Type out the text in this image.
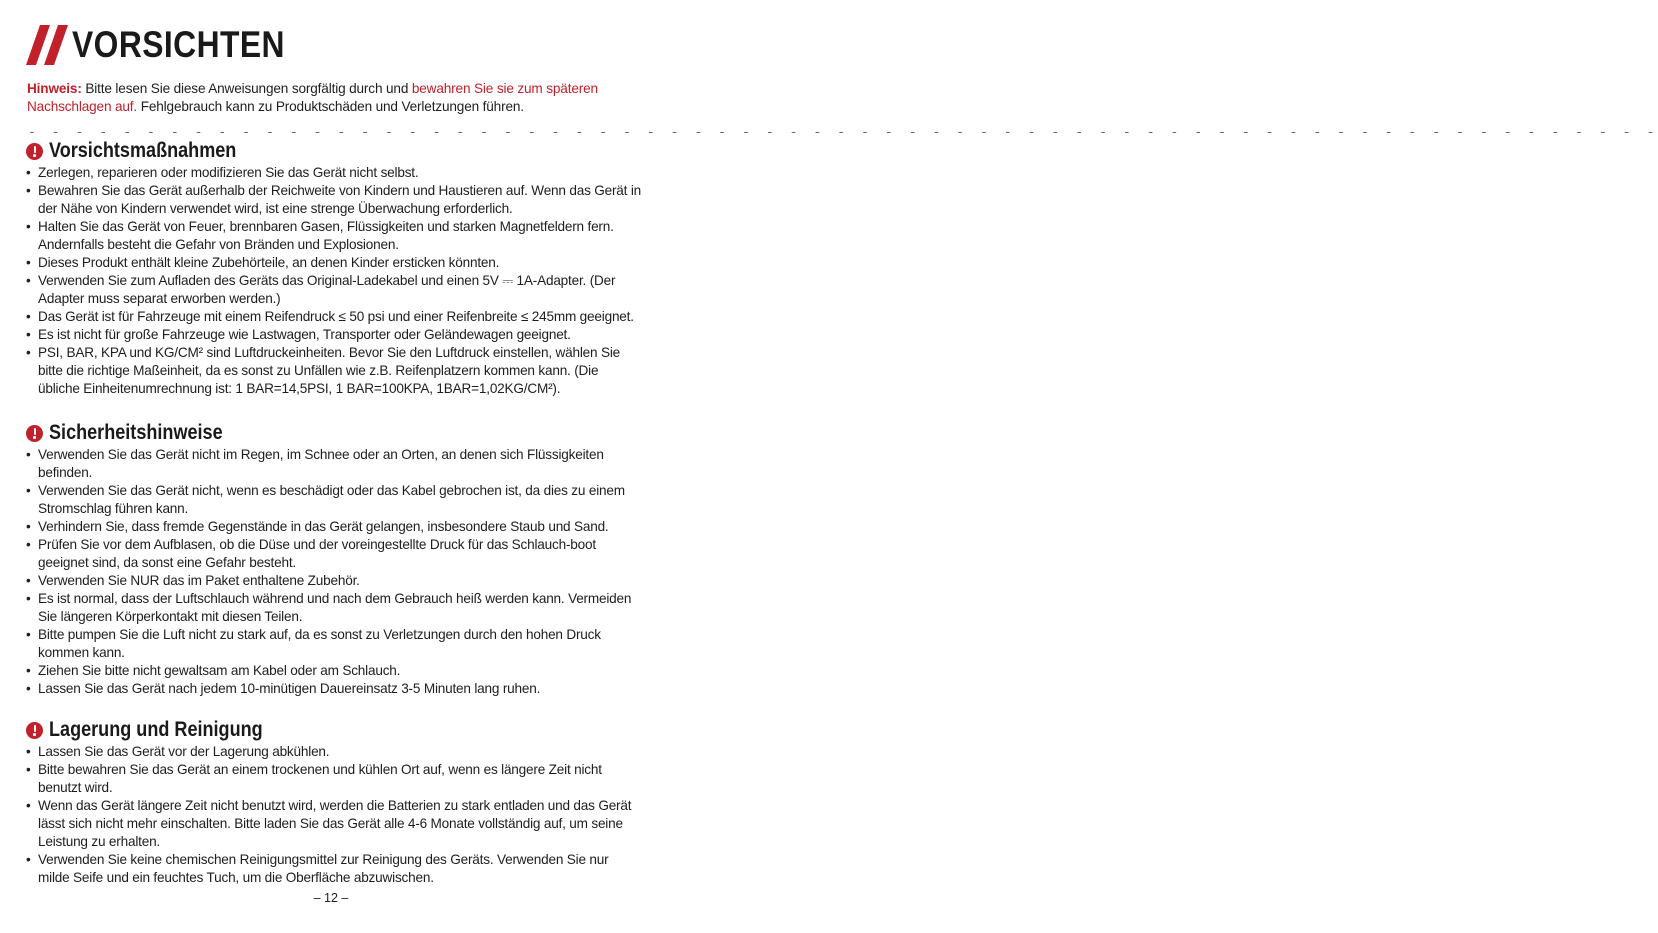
VORSICHTEN
Hinweis: Bitte lesen Sie diese Anweisungen sorgfältig durch und bewahren Sie sie zum späteren Nachschlagen auf. Fehlgebrauch kann zu Produktschäden und Verletzungen führen.
- - - - - - - - - - - - - - - - - - - - - - - - - - - - - - - - - - - - - - - - - - - - - - - - - - - - - - - - - - - - - - - - - - - - -
Vorsichtsmaßnahmen
• Zerlegen, reparieren oder modifizieren Sie das Gerät nicht selbst.
• Bewahren Sie das Gerät außerhalb der Reichweite von Kindern und Haustieren auf. Wenn das Gerät in der Nähe von Kindern verwendet wird, ist eine strenge Überwachung erforderlich.
• Halten Sie das Gerät von Feuer, brennbaren Gasen, Flüssigkeiten und starken Magnetfeldern fern. Andernfalls besteht die Gefahr von Bränden und Explosionen.
• Dieses Produkt enthält kleine Zubehörteile, an denen Kinder ersticken könnten.
• Verwenden Sie zum Aufladen des Geräts das Original-Ladekabel und einen 5V ⎓ 1A-Adapter. (Der Adapter muss separat erworben werden.)
• Das Gerät ist für Fahrzeuge mit einem Reifendruck ≤ 50 psi und einer Reifenbreite ≤ 245mm geeignet.
• Es ist nicht für große Fahrzeuge wie Lastwagen, Transporter oder Geländewagen geeignet.
• PSI, BAR, KPA und KG/CM² sind Luftdruckeinheiten. Bevor Sie den Luftdruck einstellen, wählen Sie bitte die richtige Maßeinheit, da es sonst zu Unfällen wie z.B. Reifenplatzern kommen kann. (Die übliche Einheitenumrechnung ist: 1 BAR=14,5PSI, 1 BAR=100KPA, 1BAR=1,02KG/CM²).
Sicherheitshinweise
• Verwenden Sie das Gerät nicht im Regen, im Schnee oder an Orten, an denen sich Flüssigkeiten befinden.
• Verwenden Sie das Gerät nicht, wenn es beschädigt oder das Kabel gebrochen ist, da dies zu einem Stromschlag führen kann.
• Verhindern Sie, dass fremde Gegenstände in das Gerät gelangen, insbesondere Staub und Sand.
• Prüfen Sie vor dem Aufblasen, ob die Düse und der voreingestellte Druck für das Schlauch-boot geeignet sind, da sonst eine Gefahr besteht.
• Verwenden Sie NUR das im Paket enthaltene Zubehör.
• Es ist normal, dass der Luftschlauch während und nach dem Gebrauch heiß werden kann. Vermeiden Sie längeren Körperkontakt mit diesen Teilen.
• Bitte pumpen Sie die Luft nicht zu stark auf, da es sonst zu Verletzungen durch den hohen Druck kommen kann.
• Ziehen Sie bitte nicht gewaltsam am Kabel oder am Schlauch.
• Lassen Sie das Gerät nach jedem 10-minütigen Dauereinsatz 3-5 Minuten lang ruhen.
Lagerung und Reinigung
• Lassen Sie das Gerät vor der Lagerung abkühlen.
• Bitte bewahren Sie das Gerät an einem trockenen und kühlen Ort auf, wenn es längere Zeit nicht benutzt wird.
• Wenn das Gerät längere Zeit nicht benutzt wird, werden die Batterien zu stark entladen und das Gerät lässt sich nicht mehr einschalten. Bitte laden Sie das Gerät alle 4-6 Monate vollständig auf, um seine Leistung zu erhalten.
• Verwenden Sie keine chemischen Reinigungsmittel zur Reinigung des Geräts. Verwenden Sie nur milde Seife und ein feuchtes Tuch, um die Oberfläche abzuwischen.
– 12 –
